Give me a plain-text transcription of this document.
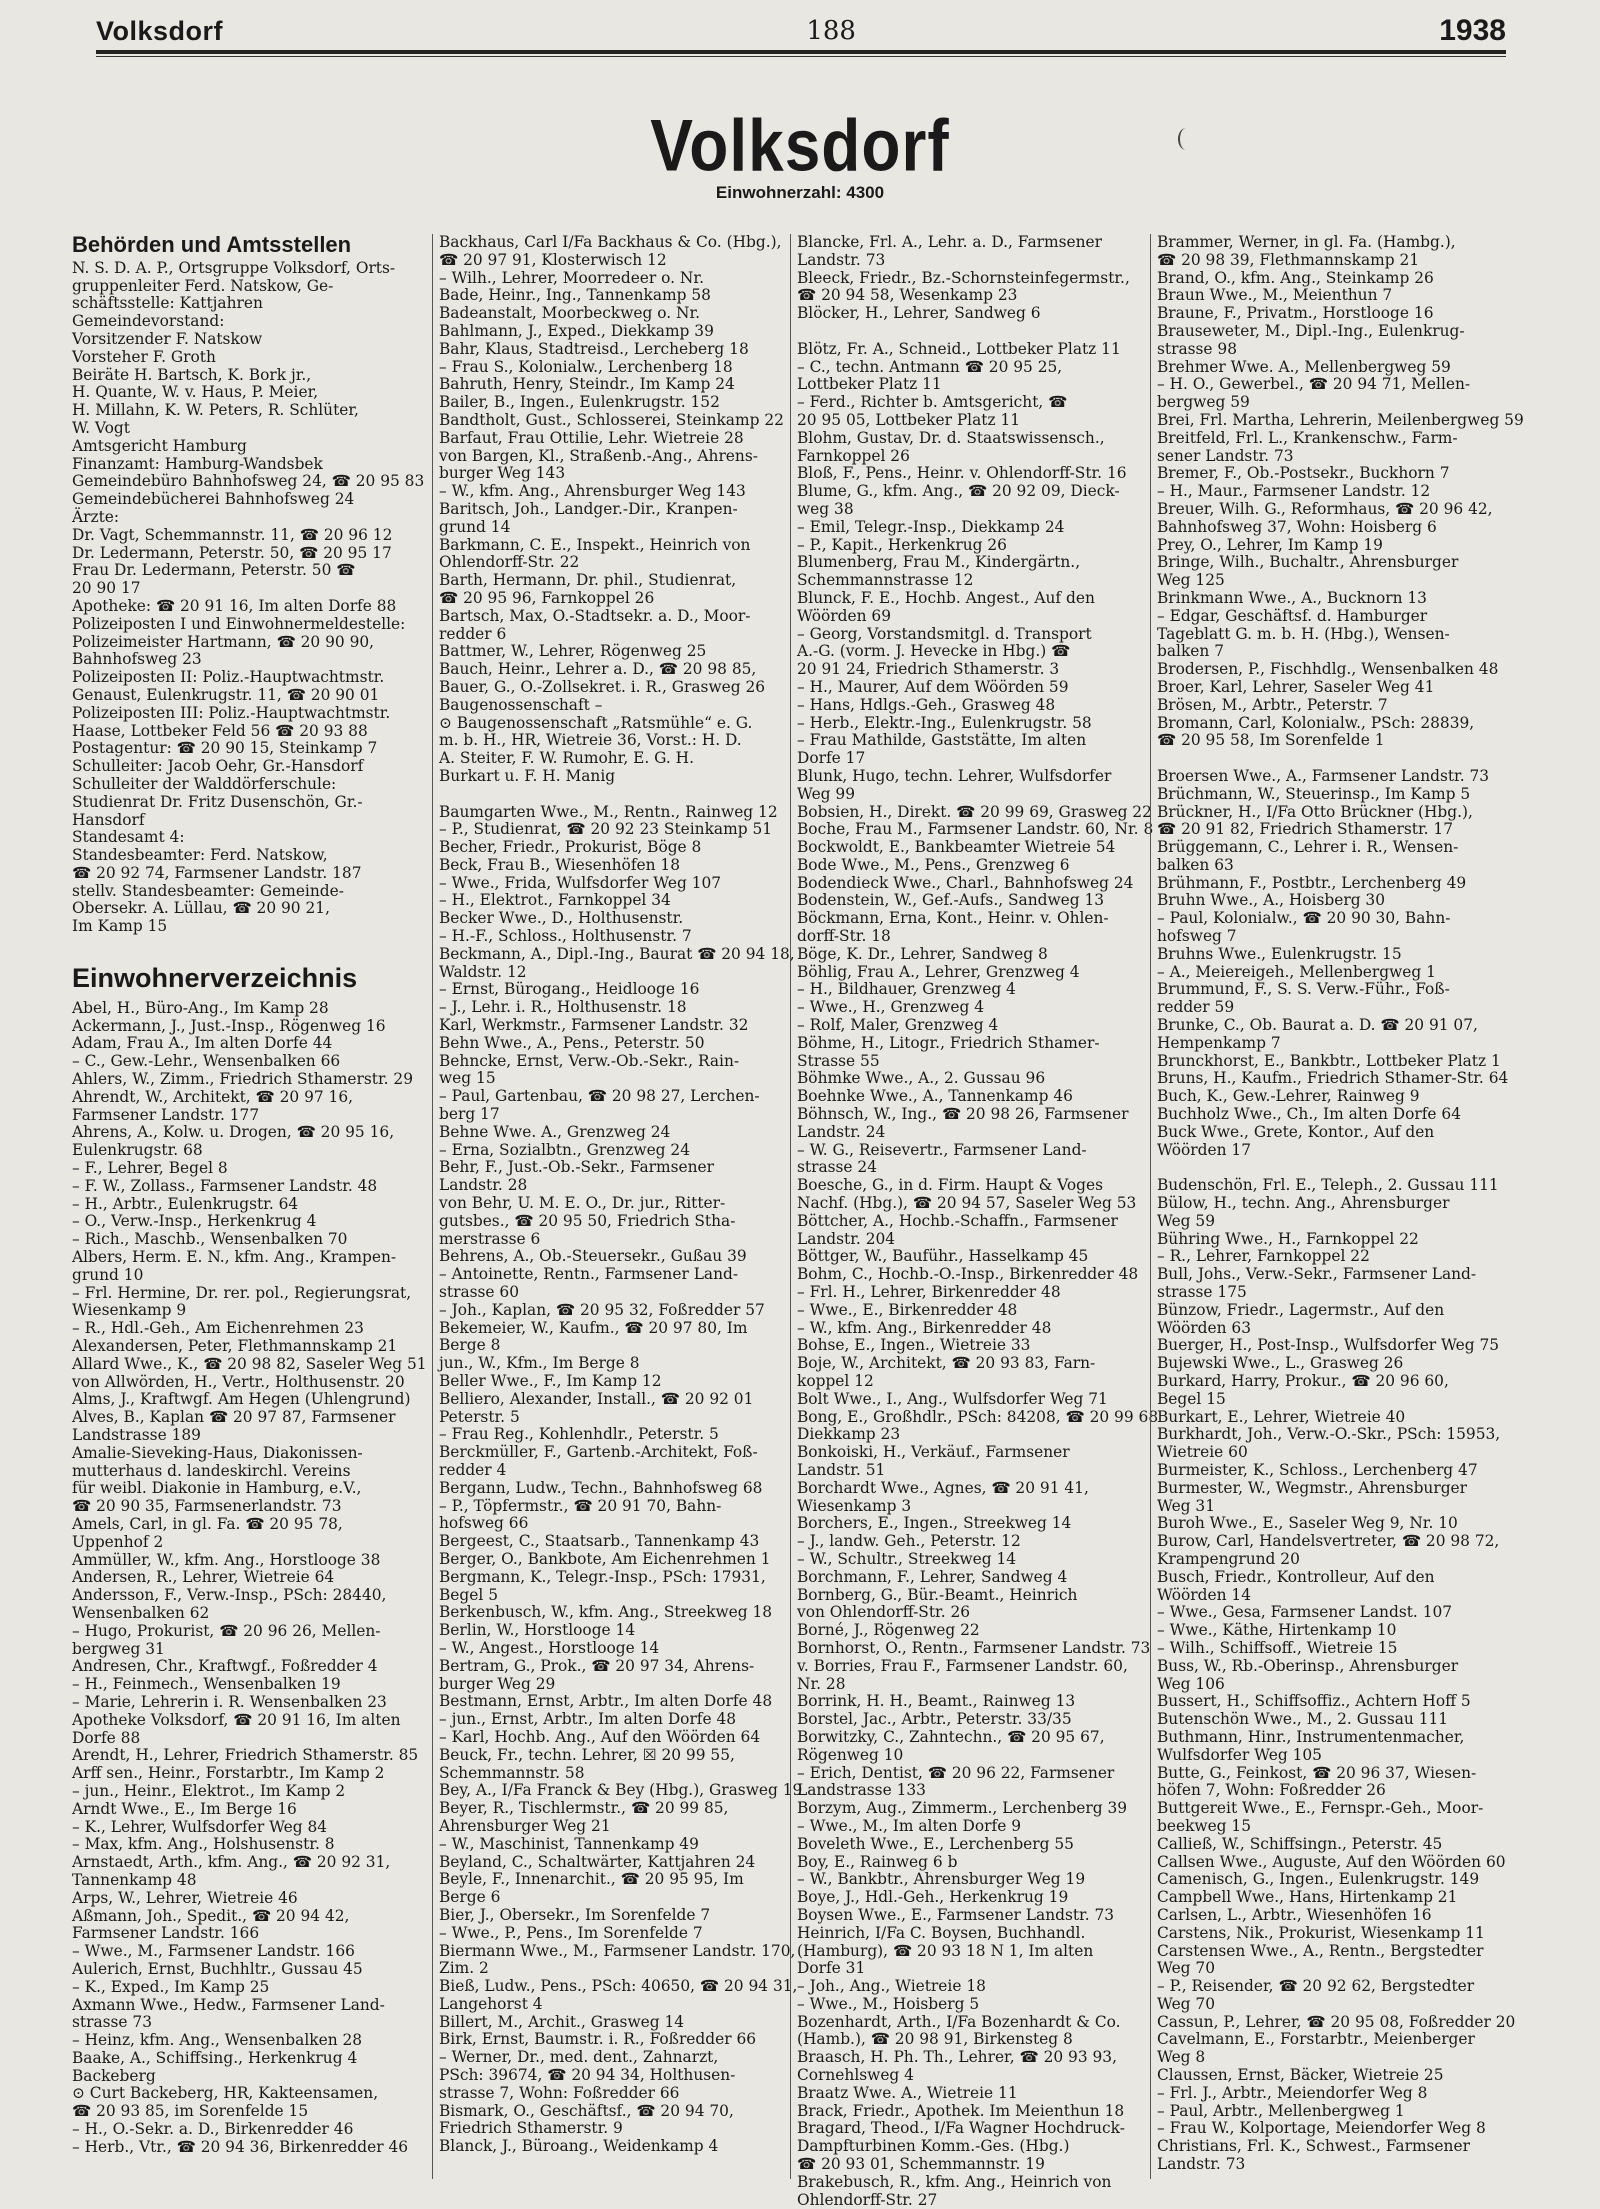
Volksdorf	188	1938
Volksdorf
Einwohnerzahl: 4300
Behörden und Amtsstellen
N. S. D. A. P., Ortsgruppe Volksdorf, Orts-
gruppenleiter Ferd. Natskow, Ge-
schäftsstelle: Kattjahren
Gemeindevorstand:
Vorsitzender F. Natskow
Vorsteher F. Groth
Beiräte H. Bartsch, K. Bork jr.,
H. Quante, W. v. Haus, P. Meier,
H. Millahn, K. W. Peters, R. Schlüter,
W. Vogt
Amtsgericht Hamburg
Finanzamt: Hamburg-Wandsbek
Gemeindebüro Bahnhofsweg 24, ☎ 20 95 83
Gemeindebücherei Bahnhofsweg 24
Ärzte:
Dr. Vagt, Schemmannstr. 11, ☎ 20 96 12
Dr. Ledermann, Peterstr. 50, ☎ 20 95 17
Frau Dr. Ledermann, Peterstr. 50 ☎
20 90 17
Apotheke: ☎ 20 91 16, Im alten Dorfe 88
Polizeiposten I und Einwohnermeldestelle:
Polizeimeister Hartmann, ☎ 20 90 90,
Bahnhofsweg 23
Polizeiposten II: Poliz.-Hauptwachtmstr.
Genaust, Eulenkrugstr. 11, ☎ 20 90 01
Polizeiposten III: Poliz.-Hauptwachtmstr.
Haase, Lottbeker Feld 56 ☎ 20 93 88
Postagentur: ☎ 20 90 15, Steinkamp 7
Schulleiter: Jacob Oehr, Gr.-Hansdorf
Schulleiter der Walddörferschule:
Studienrat Dr. Fritz Dusenschön, Gr.-
Hansdorf
Standesamt 4:
Standesbeamter: Ferd. Natskow,
☎ 20 92 74, Farmsener Landstr. 187
stellv. Standesbeamter: Gemeinde-
Obersekr. A. Lüllau, ☎ 20 90 21,
Im Kamp 15
Einwohnerverzeichnis
Abel, H., Büro-Ang., Im Kamp 28
Ackermann, J., Just.-Insp., Rögenweg 16
Adam, Frau A., Im alten Dorfe 44
– C., Gew.-Lehr., Wensenbalken 66
Ahlers, W., Zimm., Friedrich Sthamerstr. 29
Ahrendt, W., Architekt, ☎ 20 97 16,
Farmsener Landstr. 177
Ahrens, A., Kolw. u. Drogen, ☎ 20 95 16,
Eulenkrugstr. 68
– F., Lehrer, Begel 8
– F. W., Zollass., Farmsener Landstr. 48
– H., Arbtr., Eulenkrugstr. 64
– O., Verw.-Insp., Herkenkrug 4
– Rich., Maschb., Wensenbalken 70
Albers, Herm. E. N., kfm. Ang., Krampen-
grund 10
– Frl. Hermine, Dr. rer. pol., Regierungsrat,
Wiesenkamp 9
– R., Hdl.-Geh., Am Eichenrehmen 23
Alexandersen, Peter, Flethmannskamp 21
Allard Wwe., K., ☎ 20 98 82, Saseler Weg 51
von Allwörden, H., Vertr., Holthusenstr. 20
Alms, J., Kraftwgf. Am Hegen (Uhlengrund)
Alves, B., Kaplan ☎ 20 97 87, Farmsener
Landstrasse 189
Amalie-Sieveking-Haus, Diakonissen-
mutterhaus d. landeskirchl. Vereins
für weibl. Diakonie in Hamburg, e.V.,
☎ 20 90 35, Farmsenerlandstr. 73
Amels, Carl, in gl. Fa. ☎ 20 95 78,
Uppenhof 2
Ammüller, W., kfm. Ang., Horstlooge 38
Andersen, R., Lehrer, Wietreie 64
Andersson, F., Verw.-Insp., PSch: 28440,
Wensenbalken 62
– Hugo, Prokurist, ☎ 20 96 26, Mellen-
bergweg 31
Andresen, Chr., Kraftwgf., Foßredder 4
– H., Feinmech., Wensenbalken 19
– Marie, Lehrerin i. R. Wensenbalken 23
Apotheke Volksdorf, ☎ 20 91 16, Im alten
Dorfe 88
Arendt, H., Lehrer, Friedrich Sthamerstr. 85
Arff sen., Heinr., Forstarbtr., Im Kamp 2
– jun., Heinr., Elektrot., Im Kamp 2
Arndt Wwe., E., Im Berge 16
– K., Lehrer, Wulfsdorfer Weg 84
– Max, kfm. Ang., Holshusenstr. 8
Arnstaedt, Arth., kfm. Ang., ☎ 20 92 31,
Tannenkamp 48
Arps, W., Lehrer, Wietreie 46
Aßmann, Joh., Spedit., ☎ 20 94 42,
Farmsener Landstr. 166
– Wwe., M., Farmsener Landstr. 166
Aulerich, Ernst, Buchhltr., Gussau 45
– K., Exped., Im Kamp 25
Axmann Wwe., Hedw., Farmsener Land-
strasse 73
– Heinz, kfm. Ang., Wensenbalken 28
Baake, A., Schiffsing., Herkenkrug 4
Backeberg
⊙ Curt Backeberg, HR, Kakteensamen,
☎ 20 93 85, im Sorenfelde 15
– H., O.-Sekr. a. D., Birkenredder 46
– Herb., Vtr., ☎ 20 94 36, Birkenredder 46
Backhaus, Carl I/Fa Backhaus & Co. (Hbg.),
☎ 20 97 91, Klosterwisch 12
– Wilh., Lehrer, Moorredeer o. Nr.
Bade, Heinr., Ing., Tannenkamp 58
Badeanstalt, Moorbeckweg o. Nr.
Bahlmann, J., Exped., Diekkamp 39
Bahr, Klaus, Stadtreisd., Lercheberg 18
– Frau S., Kolonialw., Lerchenberg 18
Bahruth, Henry, Steindr., Im Kamp 24
Bailer, B., Ingen., Eulenkrugstr. 152
Bandtholt, Gust., Schlosserei, Steinkamp 22
Barfaut, Frau Ottilie, Lehr. Wietreie 28
von Bargen, Kl., Straßenb.-Ang., Ahrens-
burger Weg 143
– W., kfm. Ang., Ahrensburger Weg 143
Baritsch, Joh., Landger.-Dir., Kranpen-
grund 14
Barkmann, C. E., Inspekt., Heinrich von
Ohlendorff-Str. 22
Barth, Hermann, Dr. phil., Studienrat,
☎ 20 95 96, Farnkoppel 26
Bartsch, Max, O.-Stadtsekr. a. D., Moor-
redder 6
Battmer, W., Lehrer, Rögenweg 25
Bauch, Heinr., Lehrer a. D., ☎ 20 98 85,
Bauer, G., O.-Zollsekret. i. R., Grasweg 26
Baugenossenschaft –
⊙ Baugenossenschaft „Ratsmühle“ e. G.
m. b. H., HR, Wietreie 36, Vorst.: H. D.
A. Steiter, F. W. Rumohr, E. G. H.
Burkart u. F. H. Manig
Baumgarten Wwe., M., Rentn., Rainweg 12
– P., Studienrat, ☎ 20 92 23 Steinkamp 51
Becher, Friedr., Prokurist, Böge 8
Beck, Frau B., Wiesenhöfen 18
– Wwe., Frida, Wulfsdorfer Weg 107
– H., Elektrot., Farnkoppel 34
Becker Wwe., D., Holthusenstr.
– H.-F., Schloss., Holthusenstr. 7
Beckmann, A., Dipl.-Ing., Baurat ☎ 20 94 18,
Waldstr. 12
– Ernst, Bürogang., Heidlooge 16
– J., Lehr. i. R., Holthusenstr. 18
Karl, Werkmstr., Farmsener Landstr. 32
Behn Wwe., A., Pens., Peterstr. 50
Behncke, Ernst, Verw.-Ob.-Sekr., Rain-
weg 15
– Paul, Gartenbau, ☎ 20 98 27, Lerchen-
berg 17
Behne Wwe. A., Grenzweg 24
– Erna, Sozialbtn., Grenzweg 24
Behr, F., Just.-Ob.-Sekr., Farmsener
Landstr. 28
von Behr, U. M. E. O., Dr. jur., Ritter-
gutsbes., ☎ 20 95 50, Friedrich Stha-
merstrasse 6
Behrens, A., Ob.-Steuersekr., Gußau 39
– Antoinette, Rentn., Farmsener Land-
strasse 60
– Joh., Kaplan, ☎ 20 95 32, Foßredder 57
Bekemeier, W., Kaufm., ☎ 20 97 80, Im
Berge 8
jun., W., Kfm., Im Berge 8
Beller Wwe., F., Im Kamp 12
Belliero, Alexander, Install., ☎ 20 92 01
Peterstr. 5
– Frau Reg., Kohlenhdlr., Peterstr. 5
Berckmüller, F., Gartenb.-Architekt, Foß-
redder 4
Bergann, Ludw., Techn., Bahnhofsweg 68
– P., Töpfermstr., ☎ 20 91 70, Bahn-
hofsweg 66
Bergeest, C., Staatsarb., Tannenkamp 43
Berger, O., Bankbote, Am Eichenrehmen 1
Bergmann, K., Telegr.-Insp., PSch: 17931,
Begel 5
Berkenbusch, W., kfm. Ang., Streekweg 18
Berlin, W., Horstlooge 14
– W., Angest., Horstlooge 14
Bertram, G., Prok., ☎ 20 97 34, Ahrens-
burger Weg 29
Bestmann, Ernst, Arbtr., Im alten Dorfe 48
– jun., Ernst, Arbtr., Im alten Dorfe 48
– Karl, Hochb. Ang., Auf den Wöörden 64
Beuck, Fr., techn. Lehrer, ☒ 20 99 55,
Schemmannstr. 58
Bey, A., I/Fa Franck & Bey (Hbg.), Grasweg 19
Beyer, R., Tischlermstr., ☎ 20 99 85,
Ahrensburger Weg 21
– W., Maschinist, Tannenkamp 49
Beyland, C., Schaltwärter, Kattjahren 24
Beyle, F., Innenarchit., ☎ 20 95 95, Im
Berge 6
Bier, J., Obersekr., Im Sorenfelde 7
– Wwe., P., Pens., Im Sorenfelde 7
Biermann Wwe., M., Farmsener Landstr. 170,
Zim. 2
Bieß, Ludw., Pens., PSch: 40650, ☎ 20 94 31,
Langehorst 4
Billert, M., Archit., Grasweg 14
Birk, Ernst, Baumstr. i. R., Foßredder 66
– Werner, Dr., med. dent., Zahnarzt,
PSch: 39674, ☎ 20 94 34, Holthusen-
strasse 7, Wohn: Foßredder 66
Bismark, O., Geschäftsf., ☎ 20 94 70,
Friedrich Sthamerstr. 9
Blanck, J., Büroang., Weidenkamp 4
Blancke, Frl. A., Lehr. a. D., Farmsener
Landstr. 73
Bleeck, Friedr., Bz.-Schornsteinfegermstr.,
☎ 20 94 58, Wesenkamp 23
Blöcker, H., Lehrer, Sandweg 6
Blötz, Fr. A., Schneid., Lottbeker Platz 11
– C., techn. Antmann ☎ 20 95 25,
Lottbeker Platz 11
– Ferd., Richter b. Amtsgericht, ☎
20 95 05, Lottbeker Platz 11
Blohm, Gustav, Dr. d. Staatswissensch.,
Farnkoppel 26
Bloß, F., Pens., Heinr. v. Ohlendorff-Str. 16
Blume, G., kfm. Ang., ☎ 20 92 09, Dieck-
weg 38
– Emil, Telegr.-Insp., Diekkamp 24
– P., Kapit., Herkenkrug 26
Blumenberg, Frau M., Kindergärtn.,
Schemmannstrasse 12
Blunck, F. E., Hochb. Angest., Auf den
Wöörden 69
– Georg, Vorstandsmitgl. d. Transport
A.-G. (vorm. J. Hevecke in Hbg.) ☎
20 91 24, Friedrich Sthamerstr. 3
– H., Maurer, Auf dem Wöörden 59
– Hans, Hdlgs.-Geh., Grasweg 48
– Herb., Elektr.-Ing., Eulenkrugstr. 58
– Frau Mathilde, Gaststätte, Im alten
Dorfe 17
Blunk, Hugo, techn. Lehrer, Wulfsdorfer
Weg 99
Bobsien, H., Direkt. ☎ 20 99 69, Grasweg 22
Boche, Frau M., Farmsener Landstr. 60, Nr. 8
Bockwoldt, E., Bankbeamter Wietreie 54
Bode Wwe., M., Pens., Grenzweg 6
Bodendieck Wwe., Charl., Bahnhofsweg 24
Bodenstein, W., Gef.-Aufs., Sandweg 13
Böckmann, Erna, Kont., Heinr. v. Ohlen-
dorff-Str. 18
Böge, K. Dr., Lehrer, Sandweg 8
Böhlig, Frau A., Lehrer, Grenzweg 4
– H., Bildhauer, Grenzweg 4
– Wwe., H., Grenzweg 4
– Rolf, Maler, Grenzweg 4
Böhme, H., Litogr., Friedrich Sthamer-
Strasse 55
Böhmke Wwe., A., 2. Gussau 96
Boehnke Wwe., A., Tannenkamp 46
Böhnsch, W., Ing., ☎ 20 98 26, Farmsener
Landstr. 24
– W. G., Reisevertr., Farmsener Land-
strasse 24
Boesche, G., in d. Firm. Haupt & Voges
Nachf. (Hbg.), ☎ 20 94 57, Saseler Weg 53
Böttcher, A., Hochb.-Schaffn., Farmsener
Landstr. 204
Böttger, W., Bauführ., Hasselkamp 45
Bohm, C., Hochb.-O.-Insp., Birkenredder 48
– Frl. H., Lehrer, Birkenredder 48
– Wwe., E., Birkenredder 48
– W., kfm. Ang., Birkenredder 48
Bohse, E., Ingen., Wietreie 33
Boje, W., Architekt, ☎ 20 93 83, Farn-
koppel 12
Bolt Wwe., I., Ang., Wulfsdorfer Weg 71
Bong, E., Großhdlr., PSch: 84208, ☎ 20 99 68
Diekkamp 23
Bonkoiski, H., Verkäuf., Farmsener
Landstr. 51
Borchardt Wwe., Agnes, ☎ 20 91 41,
Wiesenkamp 3
Borchers, E., Ingen., Streekweg 14
– J., landw. Geh., Peterstr. 12
– W., Schultr., Streekweg 14
Borchmann, F., Lehrer, Sandweg 4
Bornberg, G., Bür.-Beamt., Heinrich
von Ohlendorff-Str. 26
Borné, J., Rögenweg 22
Bornhorst, O., Rentn., Farmsener Landstr. 73
v. Borries, Frau F., Farmsener Landstr. 60,
Nr. 28
Borrink, H. H., Beamt., Rainweg 13
Borstel, Jac., Arbtr., Peterstr. 33/35
Borwitzky, C., Zahntechn., ☎ 20 95 67,
Rögenweg 10
– Erich, Dentist, ☎ 20 96 22, Farmsener
Landstrasse 133
Borzym, Aug., Zimmerm., Lerchenberg 39
– Wwe., M., Im alten Dorfe 9
Boveleth Wwe., E., Lerchenberg 55
Boy, E., Rainweg 6 b
– W., Bankbtr., Ahrensburger Weg 19
Boye, J., Hdl.-Geh., Herkenkrug 19
Boysen Wwe., E., Farmsener Landstr. 73
Heinrich, I/Fa C. Boysen, Buchhandl.
(Hamburg), ☎ 20 93 18 N 1, Im alten
Dorfe 31
– Joh., Ang., Wietreie 18
– Wwe., M., Hoisberg 5
Bozenhardt, Arth., I/Fa Bozenhardt & Co.
(Hamb.), ☎ 20 98 91, Birkensteg 8
Braasch, H. Ph. Th., Lehrer, ☎ 20 93 93,
Cornehlsweg 4
Braatz Wwe. A., Wietreie 11
Brack, Friedr., Apothek. Im Meienthun 18
Bragard, Theod., I/Fa Wagner Hochdruck-
Dampfturbinen Komm.-Ges. (Hbg.)
☎ 20 93 01, Schemmannstr. 19
Brakebusch, R., kfm. Ang., Heinrich von
Ohlendorff-Str. 27
Brammer, Werner, in gl. Fa. (Hambg.),
☎ 20 98 39, Flethmannskamp 21
Brand, O., kfm. Ang., Steinkamp 26
Braun Wwe., M., Meienthun 7
Braune, F., Privatm., Horstlooge 16
Brauseweter, M., Dipl.-Ing., Eulenkrug-
strasse 98
Brehmer Wwe. A., Mellenbergweg 59
– H. O., Gewerbel., ☎ 20 94 71, Mellen-
bergweg 59
Brei, Frl. Martha, Lehrerin, Meilenbergweg 59
Breitfeld, Frl. L., Krankenschw., Farm-
sener Landstr. 73
Bremer, F., Ob.-Postsekr., Buckhorn 7
– H., Maur., Farmsener Landstr. 12
Breuer, Wilh. G., Reformhaus, ☎ 20 96 42,
Bahnhofsweg 37, Wohn: Hoisberg 6
Prey, O., Lehrer, Im Kamp 19
Bringe, Wilh., Buchaltr., Ahrensburger
Weg 125
Brinkmann Wwe., A., Bucknorn 13
– Edgar, Geschäftsf. d. Hamburger
Tageblatt G. m. b. H. (Hbg.), Wensen-
balken 7
Brodersen, P., Fischhdlg., Wensenbalken 48
Broer, Karl, Lehrer, Saseler Weg 41
Brösen, M., Arbtr., Peterstr. 7
Bromann, Carl, Kolonialw., PSch: 28839,
☎ 20 95 58, Im Sorenfelde 1
Broersen Wwe., A., Farmsener Landstr. 73
Brüchmann, W., Steuerinsp., Im Kamp 5
Brückner, H., I/Fa Otto Brückner (Hbg.),
☎ 20 91 82, Friedrich Sthamerstr. 17
Brüggemann, C., Lehrer i. R., Wensen-
balken 63
Brühmann, F., Postbtr., Lerchenberg 49
Bruhn Wwe., A., Hoisberg 30
– Paul, Kolonialw., ☎ 20 90 30, Bahn-
hofsweg 7
Bruhns Wwe., Eulenkrugstr. 15
– A., Meiereigeh., Mellenbergweg 1
Brummund, F., S. S. Verw.-Führ., Foß-
redder 59
Brunke, C., Ob. Baurat a. D. ☎ 20 91 07,
Hempenkamp 7
Brunckhorst, E., Bankbtr., Lottbeker Platz 1
Bruns, H., Kaufm., Friedrich Sthamer-Str. 64
Buch, K., Gew.-Lehrer, Rainweg 9
Buchholz Wwe., Ch., Im alten Dorfe 64
Buck Wwe., Grete, Kontor., Auf den
Wöörden 17
Budenschön, Frl. E., Teleph., 2. Gussau 111
Bülow, H., techn. Ang., Ahrensburger
Weg 59
Bühring Wwe., H., Farnkoppel 22
– R., Lehrer, Farnkoppel 22
Bull, Johs., Verw.-Sekr., Farmsener Land-
strasse 175
Bünzow, Friedr., Lagermstr., Auf den
Wöörden 63
Buerger, H., Post-Insp., Wulfsdorfer Weg 75
Bujewski Wwe., L., Grasweg 26
Burkard, Harry, Prokur., ☎ 20 96 60,
Begel 15
Burkart, E., Lehrer, Wietreie 40
Burkhardt, Joh., Verw.-O.-Skr., PSch: 15953,
Wietreie 60
Burmeister, K., Schloss., Lerchenberg 47
Burmester, W., Wegmstr., Ahrensburger
Weg 31
Buroh Wwe., E., Saseler Weg 9, Nr. 10
Burow, Carl, Handelsvertreter, ☎ 20 98 72,
Krampengrund 20
Busch, Friedr., Kontrolleur, Auf den
Wöörden 14
– Wwe., Gesa, Farmsener Landst. 107
– Wwe., Käthe, Hirtenkamp 10
– Wilh., Schiffsoff., Wietreie 15
Buss, W., Rb.-Oberinsp., Ahrensburger
Weg 106
Bussert, H., Schiffsoffiz., Achtern Hoff 5
Butenschön Wwe., M., 2. Gussau 111
Buthmann, Hinr., Instrumentenmacher,
Wulfsdorfer Weg 105
Butte, G., Feinkost, ☎ 20 96 37, Wiesen-
höfen 7, Wohn: Foßredder 26
Buttgereit Wwe., E., Fernspr.-Geh., Moor-
beekweg 15
Calließ, W., Schiffsingn., Peterstr. 45
Callsen Wwe., Auguste, Auf den Wöörden 60
Camenisch, G., Ingen., Eulenkrugstr. 149
Campbell Wwe., Hans, Hirtenkamp 21
Carlsen, L., Arbtr., Wiesenhöfen 16
Carstens, Nik., Prokurist, Wiesenkamp 11
Carstensen Wwe., A., Rentn., Bergstedter
Weg 70
– P., Reisender, ☎ 20 92 62, Bergstedter
Weg 70
Cassun, P., Lehrer, ☎ 20 95 08, Foßredder 20
Cavelmann, E., Forstarbtr., Meienberger
Weg 8
Claussen, Ernst, Bäcker, Wietreie 25
– Frl. J., Arbtr., Meiendorfer Weg 8
– Paul, Arbtr., Mellenbergweg 1
– Frau W., Kolportage, Meiendorfer Weg 8
Christians, Frl. K., Schwest., Farmsener
Landstr. 73
